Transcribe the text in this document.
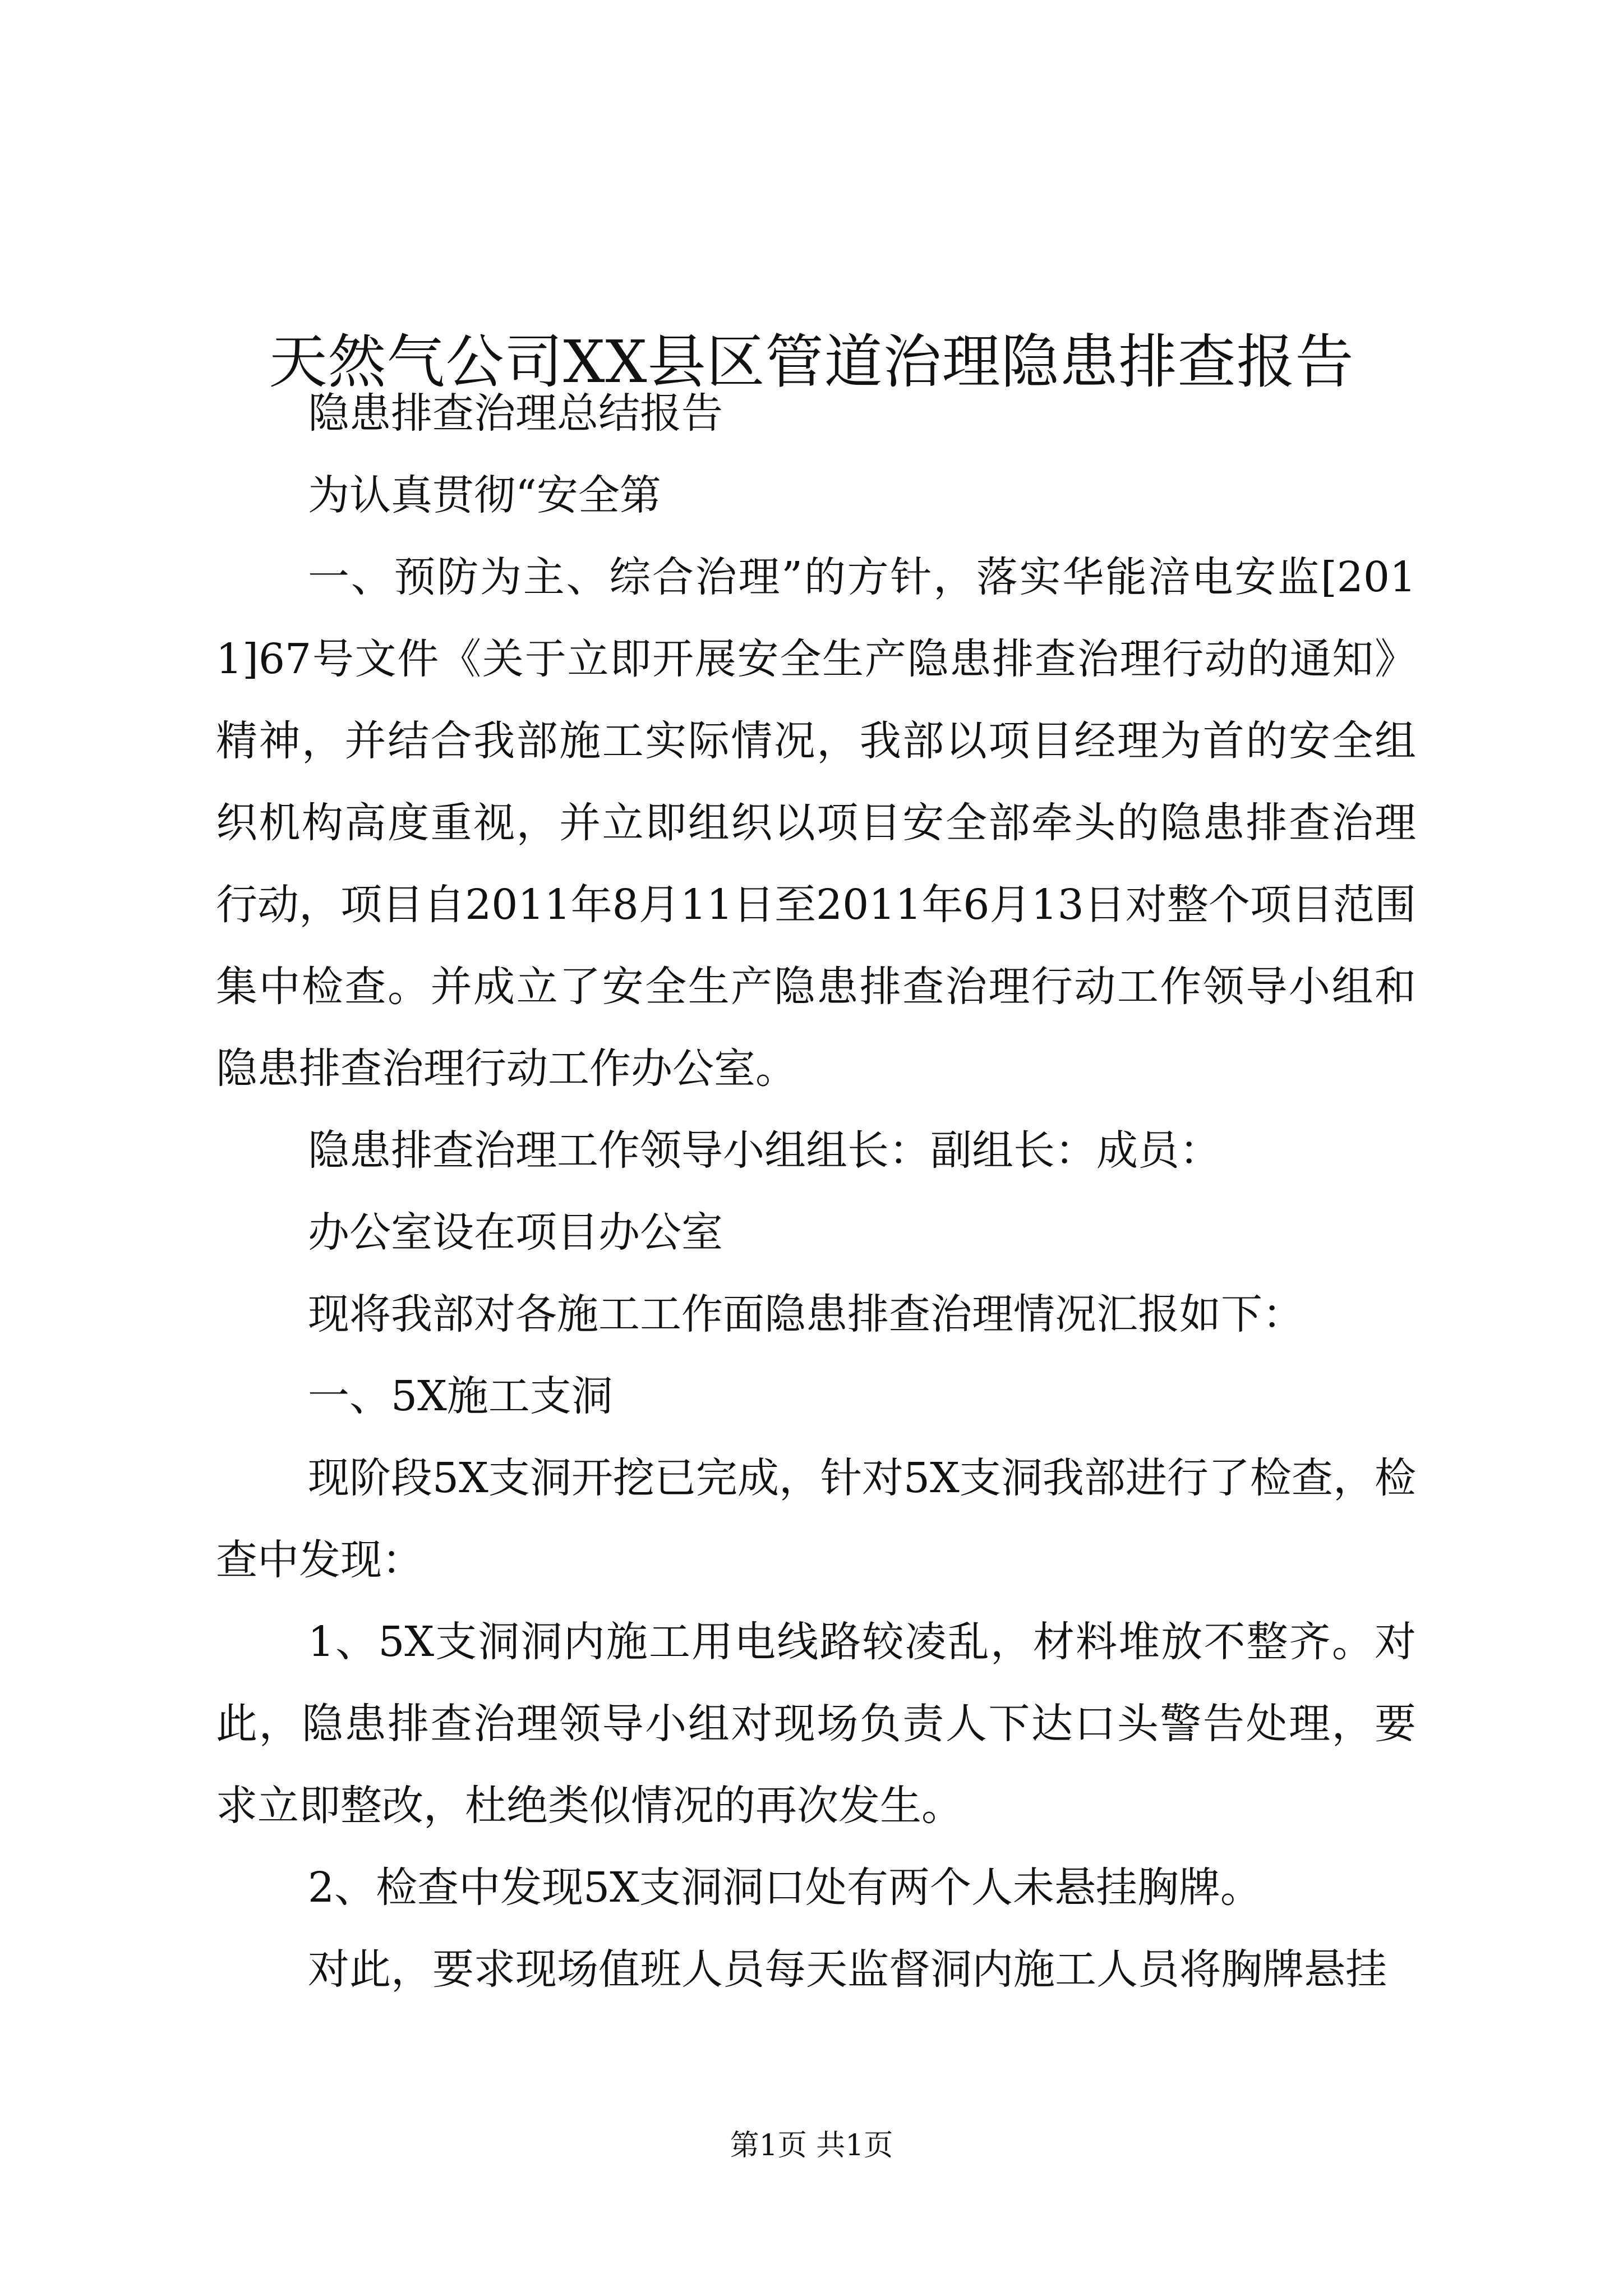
天然气公司XX县区管道治理隐患排查报告

隐患排查治理总结报告

为认真贯彻“安全第

一、预防为主、综合治理”的方针，落实华能涪电安监[2011]67号文件《关于立即开展安全生产隐患排查治理行动的通知》精神，并结合我部施工实际情况，我部以项目经理为首的安全组织机构高度重视，并立即组织以项目安全部牵头的隐患排查治理行动，项目自2011年8月11日至2011年6月13日对整个项目范围集中检查。并成立了安全生产隐患排查治理行动工作领导小组和隐患排查治理行动工作办公室。

隐患排查治理工作领导小组组长：副组长：成员：

办公室设在项目办公室

现将我部对各施工工作面隐患排查治理情况汇报如下：

一、5X施工支洞

现阶段5X支洞开挖已完成，针对5X支洞我部进行了检查，检查中发现：

1、5X支洞洞内施工用电线路较凌乱，材料堆放不整齐。对此，隐患排查治理领导小组对现场负责人下达口头警告处理，要求立即整改，杜绝类似情况的再次发生。

2、检查中发现5X支洞洞口处有两个人未悬挂胸牌。

对此，要求现场值班人员每天监督洞内施工人员将胸牌悬挂

第1页 共1页
